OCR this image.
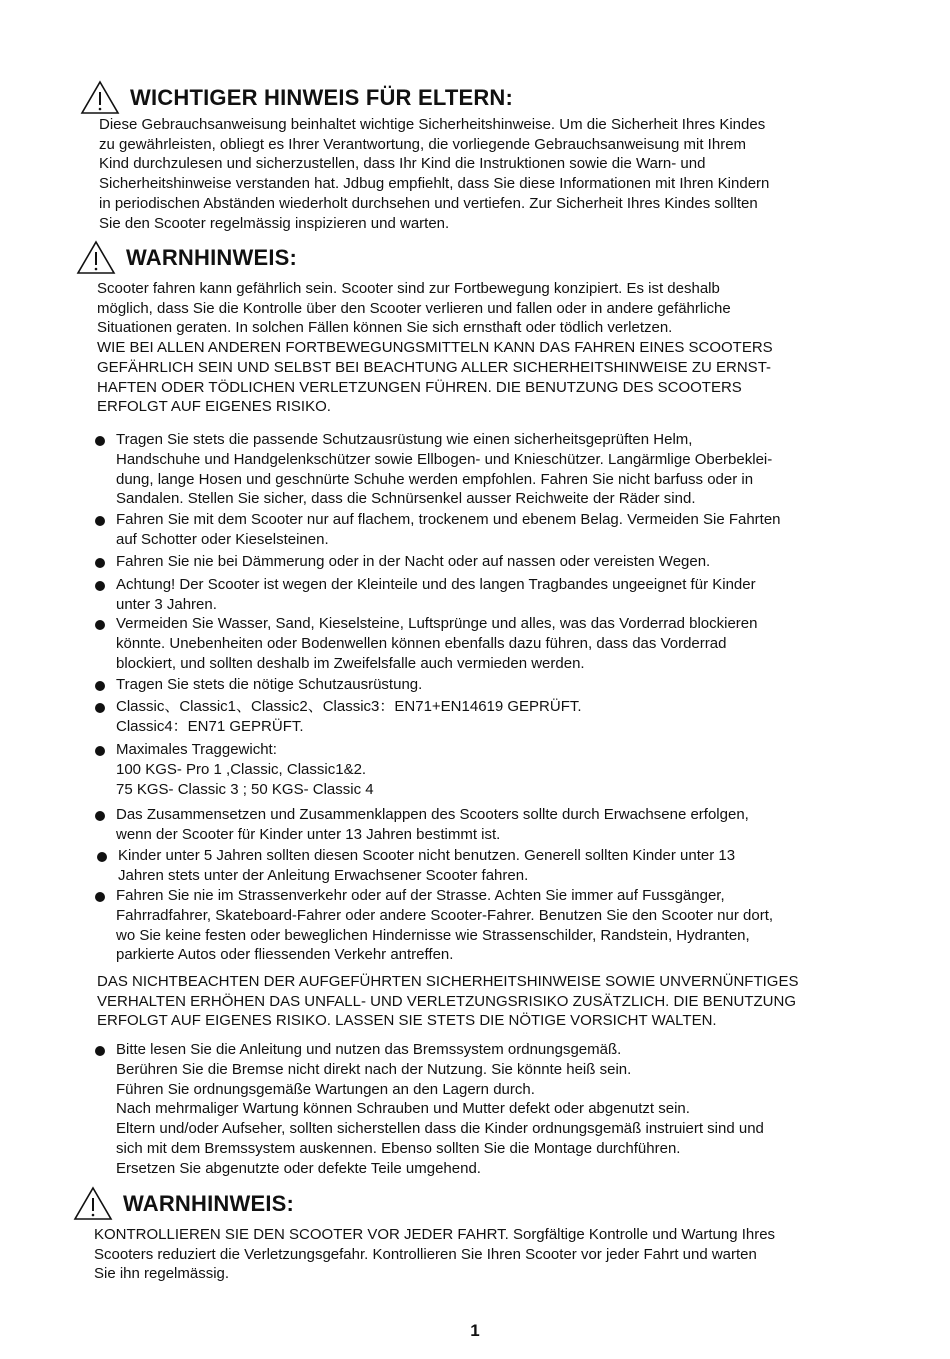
WICHTIGER HINWEIS FÜR ELTERN:
Diese Gebrauchsanweisung beinhaltet wichtige Sicherheitshinweise. Um die Sicherheit Ihres Kindes
zu gewährleisten, obliegt es Ihrer Verantwortung, die vorliegende Gebrauchsanweisung mit Ihrem
Kind durchzulesen und sicherzustellen, dass Ihr Kind die Instruktionen sowie die Warn- und
Sicherheitshinweise verstanden hat. Jdbug empfiehlt, dass Sie diese Informationen mit Ihren Kindern
in periodischen Abständen wiederholt durchsehen und vertiefen. Zur Sicherheit Ihres Kindes sollten
Sie den Scooter regelmässig inspizieren und warten.
WARNHINWEIS:
Scooter fahren kann gefährlich sein. Scooter sind zur Fortbewegung konzipiert. Es ist deshalb
möglich, dass Sie die Kontrolle über den Scooter verlieren und fallen oder in andere gefährliche
Situationen geraten. In solchen Fällen können Sie sich ernsthaft oder tödlich verletzen.
WIE BEI ALLEN ANDEREN FORTBEWEGUNGSMITTELN KANN DAS FAHREN EINES SCOOTERS
GEFÄHRLICH SEIN UND SELBST BEI BEACHTUNG ALLER SICHERHEITSHINWEISE ZU ERNST-
HAFTEN ODER TÖDLICHEN VERLETZUNGEN FÜHREN. DIE BENUTZUNG DES SCOOTERS
ERFOLGT AUF EIGENES RISIKO.
Tragen Sie stets die passende Schutzausrüstung wie einen sicherheitsgeprüften Helm,
Handschuhe und Handgelenkschützer sowie Ellbogen- und Knieschützer. Langärmlige Oberbeklei-
dung, lange Hosen und geschnürte Schuhe werden empfohlen. Fahren Sie nicht barfuss oder in
Sandalen. Stellen Sie sicher, dass die Schnürsenkel ausser Reichweite der Räder sind.
Fahren Sie mit dem Scooter nur auf flachem, trockenem und ebenem Belag. Vermeiden Sie Fahrten
auf Schotter oder Kieselsteinen.
Fahren Sie nie bei Dämmerung oder in der Nacht oder auf nassen oder vereisten Wegen.
Achtung! Der Scooter ist wegen der Kleinteile und des langen Tragbandes ungeeignet für Kinder
unter 3 Jahren.
Vermeiden Sie Wasser, Sand, Kieselsteine, Luftsprünge und alles, was das Vorderrad blockieren
könnte. Unebenheiten oder Bodenwellen können ebenfalls dazu führen, dass das Vorderrad
blockiert, und sollten deshalb im Zweifelsfalle auch vermieden werden.
Tragen Sie stets die nötige Schutzausrüstung.
Classic、Classic1、Classic2、Classic3：EN71+EN14619 GEPRÜFT.
Classic4：EN71 GEPRÜFT.
Maximales Traggewicht:
100 KGS- Pro 1 ,Classic, Classic1&2.
75 KGS- Classic 3 ; 50 KGS- Classic 4
Das Zusammensetzen und Zusammenklappen des Scooters sollte durch Erwachsene erfolgen,
wenn der Scooter für Kinder unter 13 Jahren bestimmt ist.
Kinder unter 5 Jahren sollten diesen Scooter nicht benutzen. Generell sollten Kinder unter 13
Jahren stets unter der Anleitung Erwachsener Scooter fahren.
Fahren Sie nie im Strassenverkehr oder auf der Strasse. Achten Sie immer auf Fussgänger,
Fahrradfahrer, Skateboard-Fahrer oder andere Scooter-Fahrer. Benutzen Sie den Scooter nur dort,
wo Sie keine festen oder beweglichen Hindernisse wie Strassenschilder, Randstein, Hydranten,
parkierte Autos oder fliessenden Verkehr antreffen.
DAS NICHTBEACHTEN DER AUFGEFÜHRTEN SICHERHEITSHINWEISE SOWIE UNVERNÜNFTIGES
VERHALTEN ERHÖHEN DAS UNFALL- UND VERLETZUNGSRISIKO ZUSÄTZLICH. DIE BENUTZUNG
ERFOLGT AUF EIGENES RISIKO. LASSEN SIE STETS DIE NÖTIGE VORSICHT WALTEN.
Bitte lesen Sie die Anleitung und nutzen das Bremssystem ordnungsgemäß.
Berühren Sie die Bremse nicht direkt nach der Nutzung. Sie könnte heiß sein.
Führen Sie ordnungsgemäße Wartungen an den Lagern durch.
Nach mehrmaliger Wartung können Schrauben und Mutter defekt oder abgenutzt sein.
Eltern und/oder Aufseher, sollten sicherstellen dass die Kinder ordnungsgemäß instruiert sind und
sich mit dem Bremssystem auskennen. Ebenso sollten Sie die Montage durchführen.
Ersetzen Sie abgenutzte oder defekte Teile umgehend.
WARNHINWEIS:
KONTROLLIEREN SIE DEN SCOOTER VOR JEDER FAHRT. Sorgfältige Kontrolle und Wartung Ihres
Scooters reduziert die Verletzungsgefahr. Kontrollieren Sie Ihren Scooter vor jeder Fahrt und warten
Sie ihn regelmässig.
1
